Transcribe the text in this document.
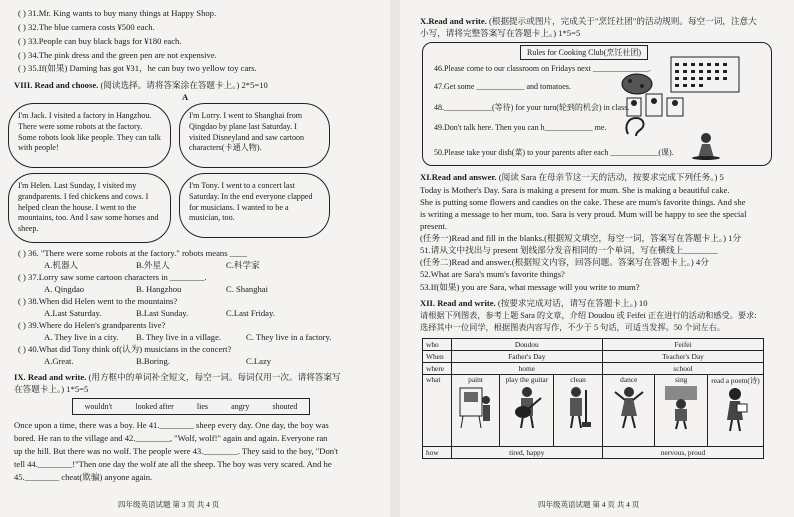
( ) 31.Mr. King wants to buy many things at Happy Shop.
( ) 32.The blue camera costs ¥500 each.
( ) 33.People can buy black bags for ¥180 each.
( ) 34.The pink dress and the green pen are not expensive.
( ) 35.If(如果) Daming has got ¥31，he can buy two yellow toy cars.
VIII. Read and choose. (阅读选择。请将答案涂在答题卡上。) 2*5=10
A
I'm Jack. I visited a factory in Hangzhou. There were some robots at the factory. Some robots look like people. They can talk with people!
I'm Lorry. I went to Shanghai from Qingdao by plane last Saturday. I visited Disneyland and saw cartoon characters(卡通人物).
I'm Helen. Last Sunday, I visited my grandparents. I fed chickens and cows. I helped clean the house. I went to the mountains, too. And I saw some horses and sheep.
I'm Tony. I went to a concert last Saturday. In the end everyone clapped for musicians. I wanted to be a musician, too.
( ) 36. "There were some robots at the factory." robots means ____
A.机器人	B.外星人	C.科学家
( ) 37.Lorry saw some cartoon characters in ________.
A. Qingdao	B. Hangzhou	C. Shanghai
( ) 38.When did Helen went to the mountains?
A.Last Saturday.	B.Last Sunday.	C.Last Friday.
( ) 39.Where do Helen's grandparents live?
A. They live in a city. B. They live in a village.	C. They live in a factory.
( ) 40.What did Tony think of(认为) musicians in the concert?
A.Great.	B.Boring.	C.Lazy
IX. Read and write. (用方框中的单词补全短文，每空一词。每词仅用一次。请将答案写
在答题卡上。) 1*5=5
wouldn't	looked after	lies	angry	shouted
Once upon a time, there was a boy. He 41.________ sheep every day. One day, the boy was
bored. He ran to the village and 42.________, "Wolf, wolf!" again and again. Everyone ran
up the hill. But there was no wolf. The people were 43.________. They said to the boy, "Don't
tell 44.________!"Then one day the wolf ate all the sheep. The boy was very scared. And he
45.________ cheat(欺骗) anyone again.
四年级英语试题 第 3 页 共 4 页
X.Read and write. (根据提示或图片，完成关于"烹饪社团"的活动规则。每空一词，注意大
小写，请将完整答案写在答题卡上。) 1*5=5
Rules for Cooking Club(烹饪社团)
46.Please come to our classroom on Fridays next ______________.
47.Get some ____________ and tomatoes.
48.____________(等待) for your turn(轮到的机会) in class.
49.Don't talk here. Then you can h____________ me.
50.Please take your dish(菜) to your parents after each ____________(课).
XI.Read and answer. (阅读 Sara 在母亲节这一天的活动，按要求完成下列任务。) 5
Today is Mother's Day. Sara is making a present for mum. She is making a beautiful cake.
She is putting some flowers and candies on the cake. These are mum's favorite things. And she
is writing a message to her mum, too. Sara is very proud. Mum will be happy to see the special
present.
(任务一)Read and fill in the blanks.(根据短文填空，每空一词，答案写在答题卡上。) 1分
51.请从文中找出与 present 划线部分发音相同的一个单词，写在横线上________
(任务二)Read and answer.(根据短文内容，回答问题。答案写在答题卡上。) 4分
52.What are Sara's mum's favorite things?
53.If(如果) you are Sara, what message will you write to mum?
XII. Read and write. (按要求完成对话，请写在答题卡上。) 10
请根据下列图表，参考上题 Sara 的文章，介绍 Doudou 或 Feifei 正在进行的活动和感受。要求:
选择其中一位同学，根据图表内容写作，不少于 5 句话，可适当发挥。50 个词左右。
who	Doudou			Feifei		
When	Father's Day			Teacher's Day		
where	home			school		
what	paint	play the guitar	clean	dance	sing	read a poem(诗)

how	tired, happy			nervous, proud		
四年级英语试题 第 4 页 共 4 页
